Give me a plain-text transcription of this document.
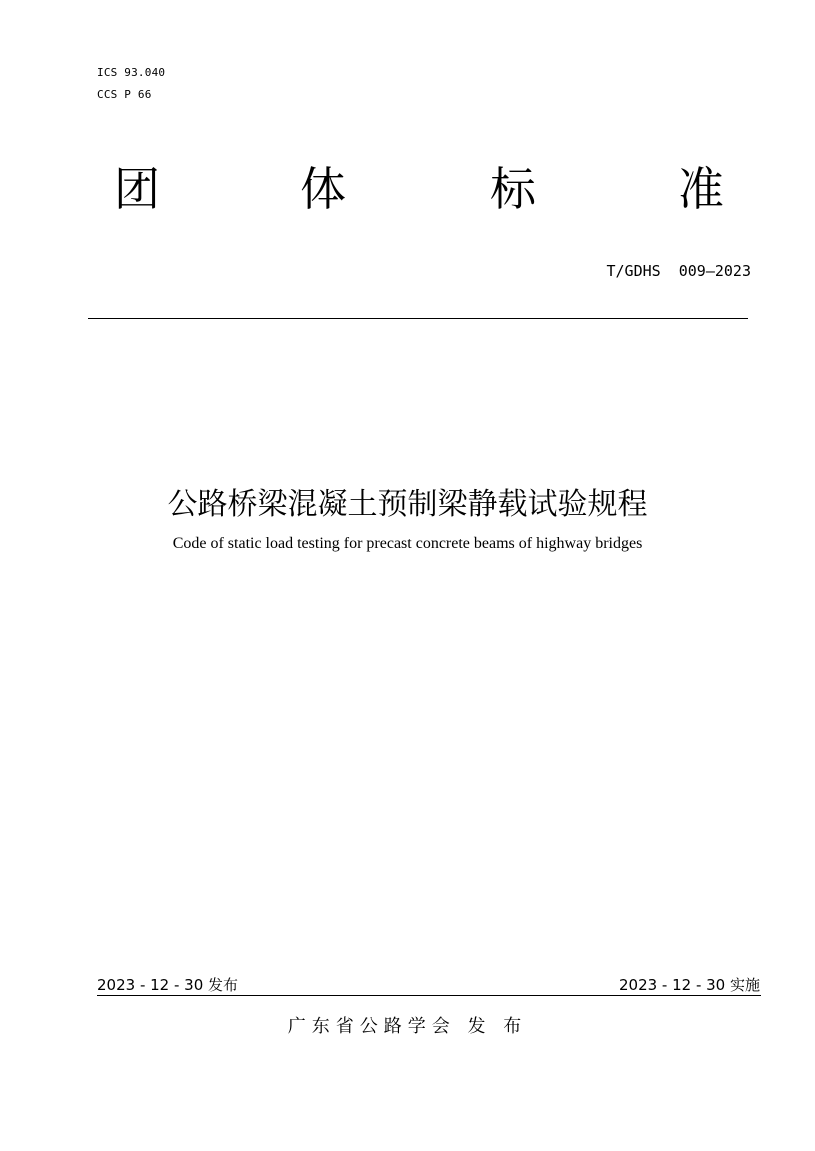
ICS 93.040
CCS P 66
团	体	标	准
T/GDHS  009—2023
公路桥梁混凝土预制梁静载试验规程
Code of static load testing for precast concrete beams of highway bridges
2023 - 12 - 30 发布	2023 - 12 - 30 实施
广东省公路学会 发 布
